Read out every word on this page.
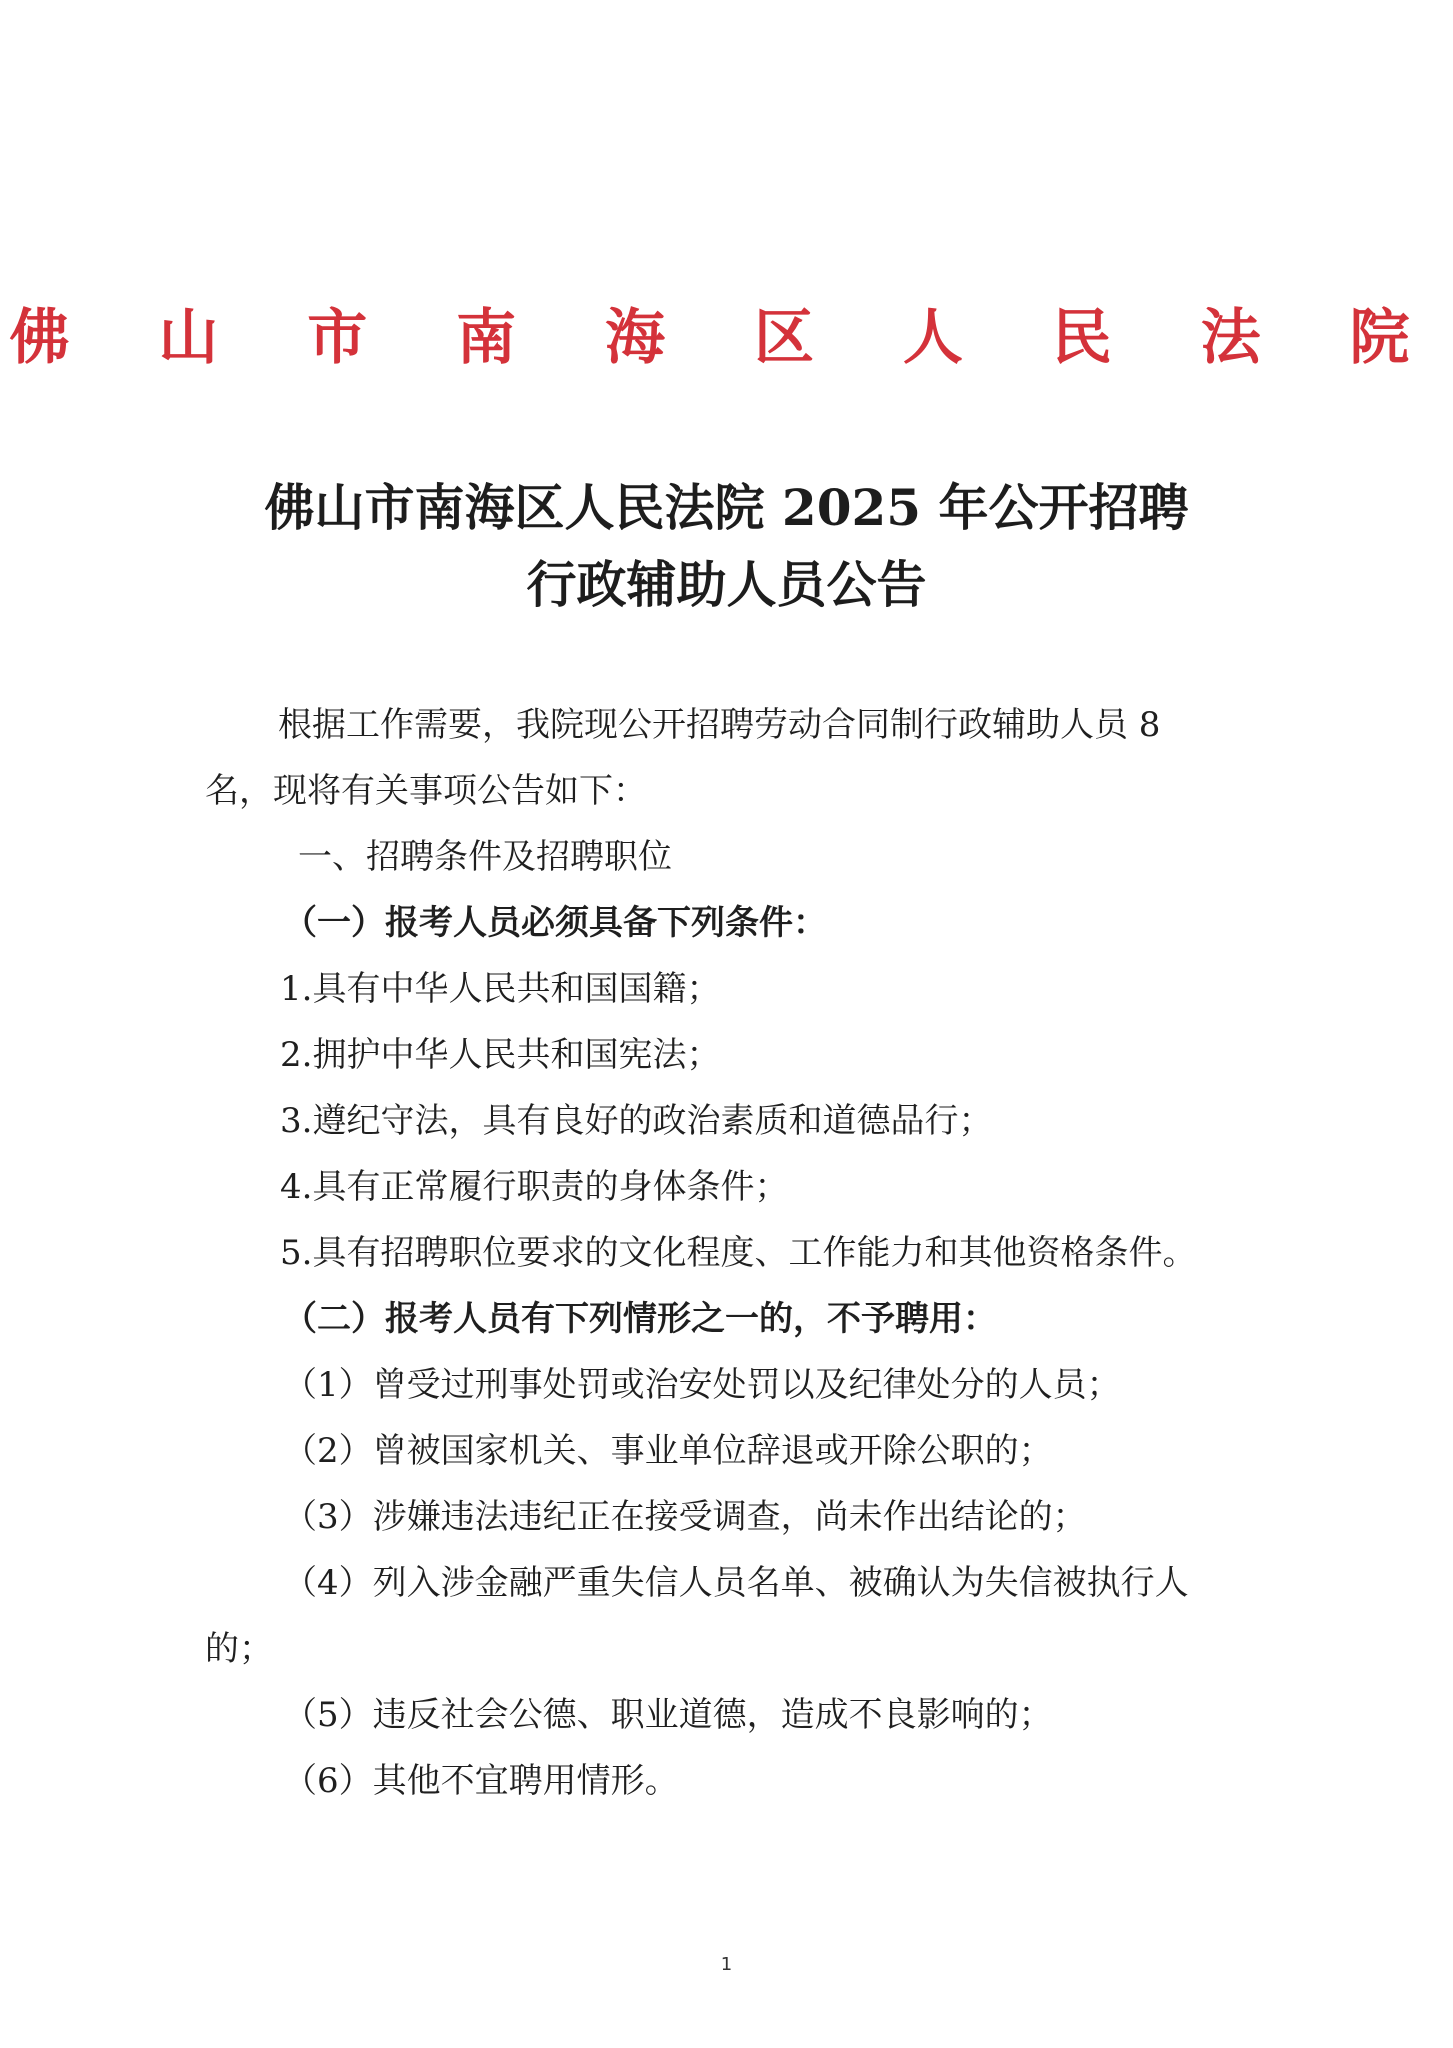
佛 山 市 南 海 区 人 民 法 院
佛山市南海区人民法院 2025 年公开招聘
行政辅助人员公告
根据工作需要，我院现公开招聘劳动合同制行政辅助人员 8
名，现将有关事项公告如下：
一、招聘条件及招聘职位
（一）报考人员必须具备下列条件：
1.具有中华人民共和国国籍；
2.拥护中华人民共和国宪法；
3.遵纪守法，具有良好的政治素质和道德品行；
4.具有正常履行职责的身体条件；
5.具有招聘职位要求的文化程度、工作能力和其他资格条件。
（二）报考人员有下列情形之一的，不予聘用：
（1）曾受过刑事处罚或治安处罚以及纪律处分的人员；
（2）曾被国家机关、事业单位辞退或开除公职的；
（3）涉嫌违法违纪正在接受调查，尚未作出结论的；
（4）列入涉金融严重失信人员名单、被确认为失信被执行人
的；
（5）违反社会公德、职业道德，造成不良影响的；
（6）其他不宜聘用情形。
1
